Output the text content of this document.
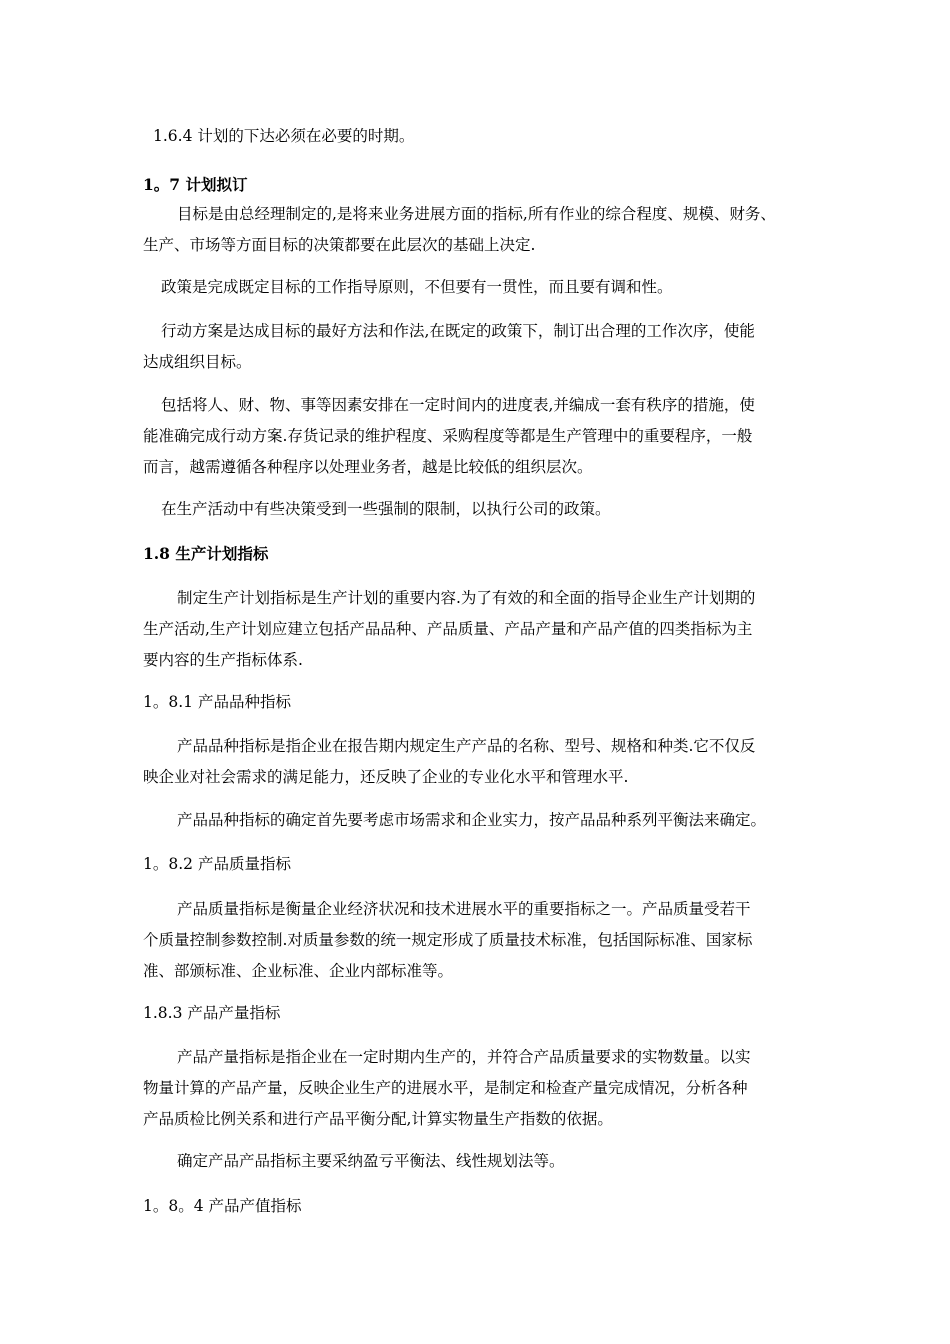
1.6.4 计划的下达必须在必要的时期。

1。7 计划拟订

目标是由总经理制定的,是将来业务进展方面的指标,所有作业的综合程度、规模、财务、
生产、市场等方面目标的决策都要在此层次的基础上决定.

政策是完成既定目标的工作指导原则，不但要有一贯性，而且要有调和性。

行动方案是达成目标的最好方法和作法,在既定的政策下，制订出合理的工作次序，使能
达成组织目标。

包括将人、财、物、事等因素安排在一定时间内的进度表,并编成一套有秩序的措施，使
能准确完成行动方案.存货记录的维护程度、采购程度等都是生产管理中的重要程序，一般
而言，越需遵循各种程序以处理业务者，越是比较低的组织层次。

在生产活动中有些决策受到一些强制的限制，以执行公司的政策。

1.8 生产计划指标

制定生产计划指标是生产计划的重要内容.为了有效的和全面的指导企业生产计划期的
生产活动,生产计划应建立包括产品品种、产品质量、产品产量和产品产值的四类指标为主
要内容的生产指标体系.

1。8.1 产品品种指标

产品品种指标是指企业在报告期内规定生产产品的名称、型号、规格和种类.它不仅反
映企业对社会需求的满足能力，还反映了企业的专业化水平和管理水平.

产品品种指标的确定首先要考虑市场需求和企业实力，按产品品种系列平衡法来确定。

1。8.2 产品质量指标

产品质量指标是衡量企业经济状况和技术进展水平的重要指标之一。产品质量受若干
个质量控制参数控制.对质量参数的统一规定形成了质量技术标准，包括国际标准、国家标
准、部颁标准、企业标准、企业内部标准等。

1.8.3 产品产量指标

产品产量指标是指企业在一定时期内生产的，并符合产品质量要求的实物数量。以实
物量计算的产品产量，反映企业生产的进展水平，是制定和检查产量完成情况，分析各种
产品质检比例关系和进行产品平衡分配,计算实物量生产指数的依据。

确定产品产品指标主要采纳盈亏平衡法、线性规划法等。

1。8。4 产品产值指标
